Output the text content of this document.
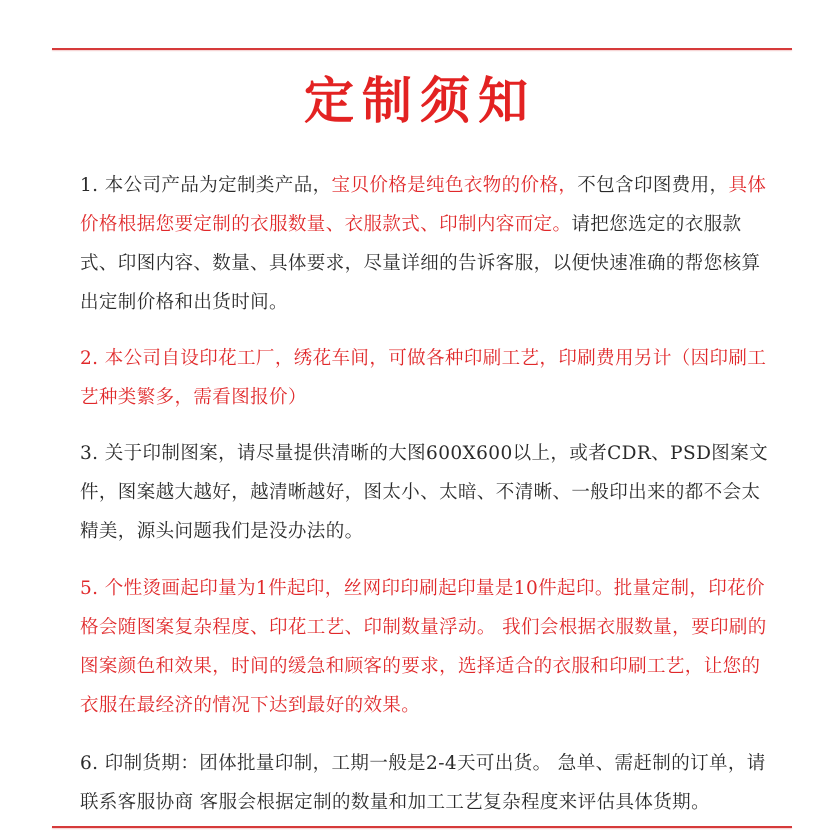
定制须知

1. 本公司产品为定制类产品，宝贝价格是纯色衣物的价格，不包含印图费用，具体价格根据您要定制的衣服数量、衣服款式、印制内容而定。请把您选定的衣服款式、印图内容、数量、具体要求，尽量详细的告诉客服，以便快速准确的帮您核算出定制价格和出货时间。

2. 本公司自设印花工厂，绣花车间，可做各种印刷工艺，印刷费用另计（因印刷工艺种类繁多，需看图报价）

3. 关于印制图案，请尽量提供清晰的大图600X600以上，或者CDR、PSD图案文件，图案越大越好，越清晰越好，图太小、太暗、不清晰、一般印出来的都不会太精美，源头问题我们是没办法的。

5. 个性烫画起印量为1件起印，丝网印印刷起印量是10件起印。批量定制，印花价格会随图案复杂程度、印花工艺、印制数量浮动。 我们会根据衣服数量，要印刷的图案颜色和效果，时间的缓急和顾客的要求，选择适合的衣服和印刷工艺，让您的衣服在最经济的情况下达到最好的效果。

6. 印制货期：团体批量印制，工期一般是2-4天可出货。 急单、需赶制的订单，请联系客服协商 客服会根据定制的数量和加工工艺复杂程度来评估具体货期。
